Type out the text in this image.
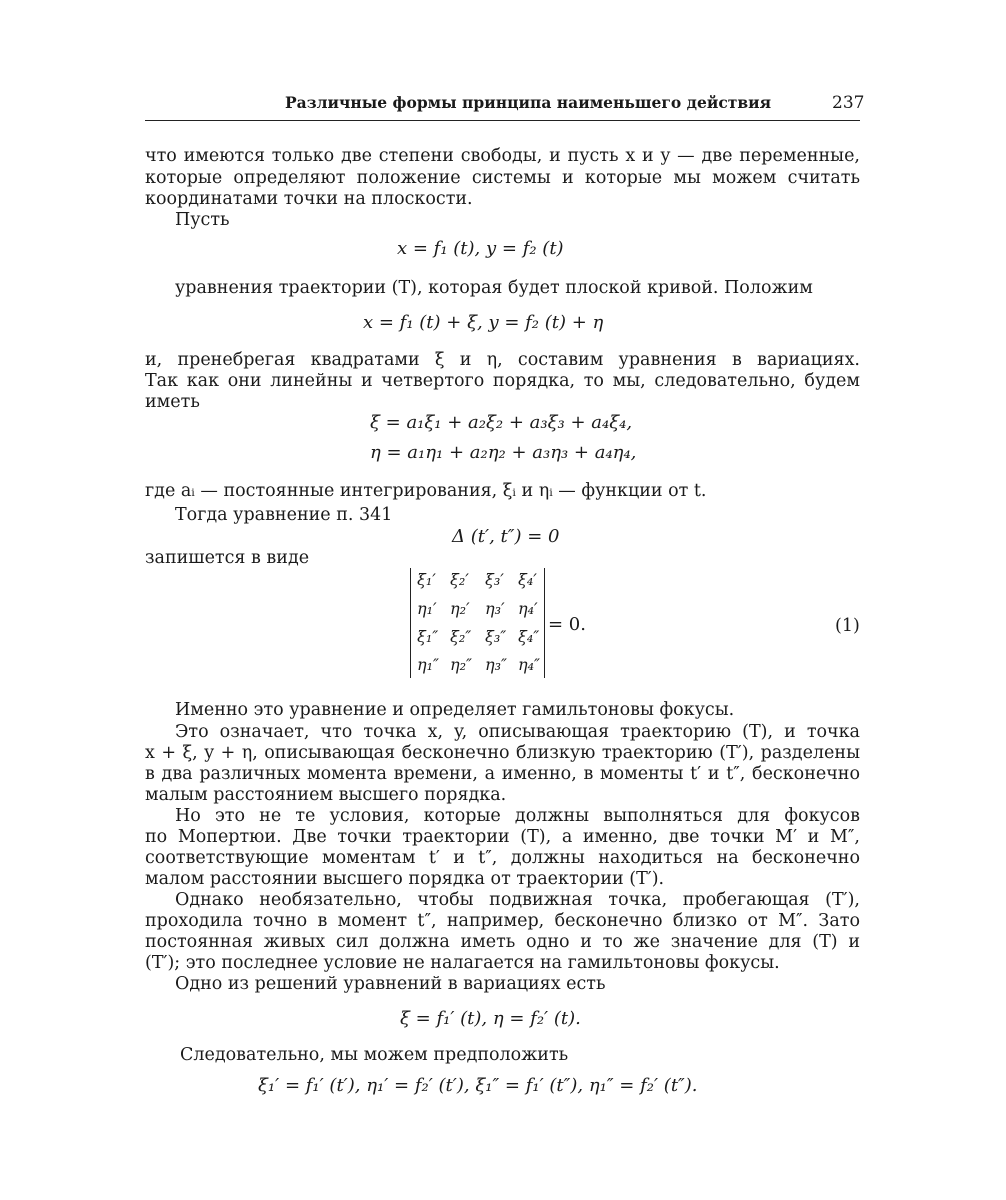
Различные формы принципа наименьшего действия	237
что имеются только две степени свободы, и пусть x и y — две переменные,
которые определяют положение системы и которые мы можем считать
координатами точки на плоскости.
Пусть
x = f₁ (t), y = f₂ (t)
уравнения траектории (T), которая будет плоской кривой. Положим
x = f₁ (t) + ξ, y = f₂ (t) + η
и, пренебрегая квадратами ξ и η, составим уравнения в вариациях.
Так как они линейны и четвертого порядка, то мы, следовательно, будем
иметь
ξ = a₁ξ₁ + a₂ξ₂ + a₃ξ₃ + a₄ξ₄,
η = a₁η₁ + a₂η₂ + a₃η₃ + a₄η₄,
где aᵢ — постоянные интегрирования, ξᵢ и ηᵢ — функции от t.
Тогда уравнение п. 341
Δ (t′, t″) = 0
запишется в виде
ξ₁′ ξ₂′ ξ₃′ ξ₄′
η₁′ η₂′ η₃′ η₄′
ξ₁″ ξ₂″ ξ₃″ ξ₄″
η₁″ η₂″ η₃″ η₄″
= 0.	(1)
Именно это уравнение и определяет гамильтоновы фокусы.
Это означает, что точка x, y, описывающая траекторию (T), и точка
x + ξ, y + η, описывающая бесконечно близкую траекторию (T′), разделены
в два различных момента времени, а именно, в моменты t′ и t″, бесконечно
малым расстоянием высшего порядка.
Но это не те условия, которые должны выполняться для фокусов
по Мопертюи. Две точки траектории (T), а именно, две точки M′ и M″,
соответствующие моментам t′ и t″, должны находиться на бесконечно
малом расстоянии высшего порядка от траектории (T′).
Однако необязательно, чтобы подвижная точка, пробегающая (T′),
проходила точно в момент t″, например, бесконечно близко от M″. Зато
постоянная живых сил должна иметь одно и то же значение для (T) и
(T′); это последнее условие не налагается на гамильтоновы фокусы.
Одно из решений уравнений в вариациях есть
ξ = f₁′ (t), η = f₂′ (t).
Следовательно, мы можем предположить
ξ₁′ = f₁′ (t′), η₁′ = f₂′ (t′), ξ₁″ = f₁′ (t″), η₁″ = f₂′ (t″).
